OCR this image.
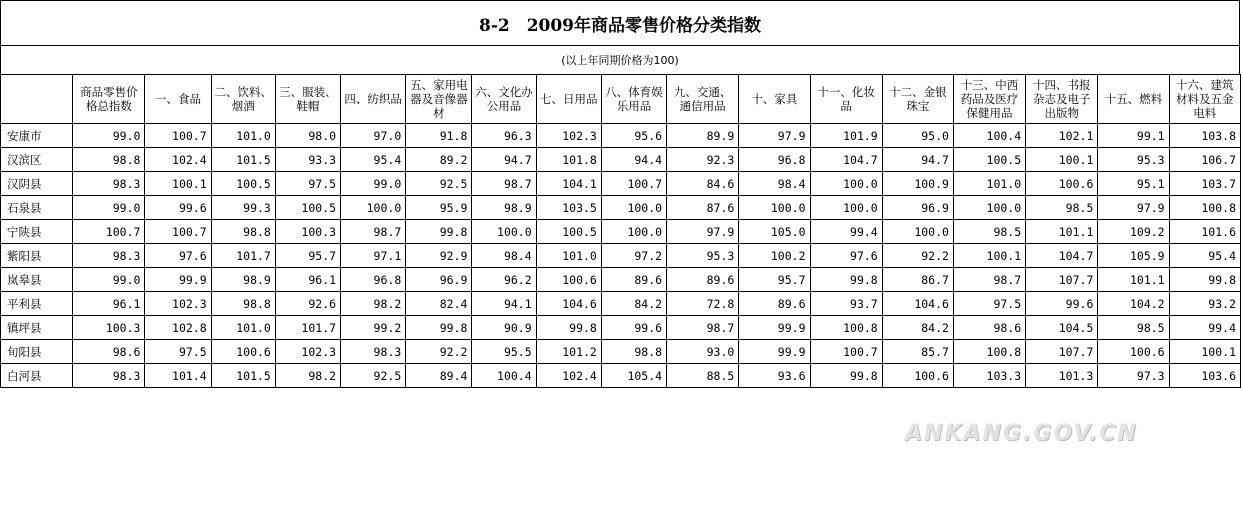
8-2　2009年商品零售价格分类指数
(以上年同期价格为100)
	商品零售价格总指数	一、食品	二、饮料、烟酒	三、服装、鞋帽	四、纺织品	五、家用电器及音像器材	六、文化办公用品	七、日用品	八、体育娱乐用品	九、交通、通信用品	十、家具	十一、化妆品	十二、金银珠宝	十三、中西药品及医疗保健用品	十四、书报杂志及电子出版物	十五、燃料	十六、建筑材料及五金电料
安康市	99.0	100.7	101.0	98.0	97.0	91.8	96.3	102.3	95.6	89.9	97.9	101.9	95.0	100.4	102.1	99.1	103.8
汉滨区	98.8	102.4	101.5	93.3	95.4	89.2	94.7	101.8	94.4	92.3	96.8	104.7	94.7	100.5	100.1	95.3	106.7
汉阴县	98.3	100.1	100.5	97.5	99.0	92.5	98.7	104.1	100.7	84.6	98.4	100.0	100.9	101.0	100.6	95.1	103.7
石泉县	99.0	99.6	99.3	100.5	100.0	95.9	98.9	103.5	100.0	87.6	100.0	100.0	96.9	100.0	98.5	97.9	100.8
宁陕县	100.7	100.7	98.8	100.3	98.7	99.8	100.0	100.5	100.0	97.9	105.0	99.4	100.0	98.5	101.1	109.2	101.6
紫阳县	98.3	97.6	101.7	95.7	97.1	92.9	98.4	101.0	97.2	95.3	100.2	97.6	92.2	100.1	104.7	105.9	95.4
岚皋县	99.0	99.9	98.9	96.1	96.8	96.9	96.2	100.6	89.6	89.6	95.7	99.8	86.7	98.7	107.7	101.1	99.8
平利县	96.1	102.3	98.8	92.6	98.2	82.4	94.1	104.6	84.2	72.8	89.6	93.7	104.6	97.5	99.6	104.2	93.2
镇坪县	100.3	102.8	101.0	101.7	99.2	99.8	90.9	99.8	99.6	98.7	99.9	100.8	84.2	98.6	104.5	98.5	99.4
旬阳县	98.6	97.5	100.6	102.3	98.3	92.2	95.5	101.2	98.8	93.0	99.9	100.7	85.7	100.8	107.7	100.6	100.1
白河县	98.3	101.4	101.5	98.2	92.5	89.4	100.4	102.4	105.4	88.5	93.6	99.8	100.6	103.3	101.3	97.3	103.6
ANKANG.GOV.CN
